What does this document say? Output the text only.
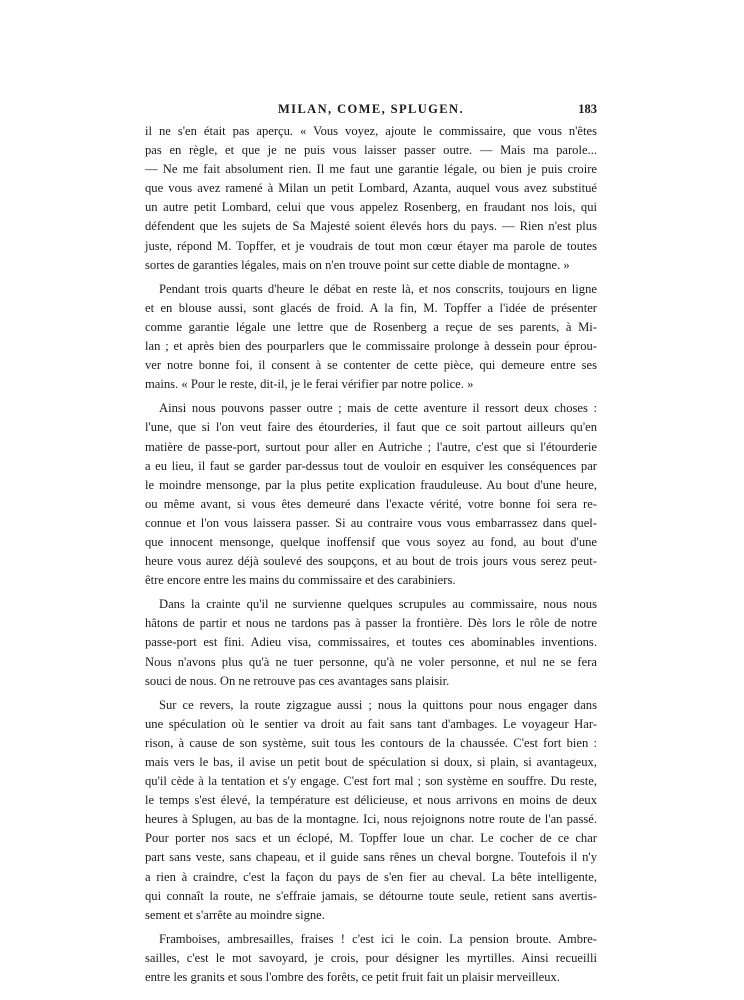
MILAN, COME, SPLUGEN.	183
il ne s'en était pas aperçu. « Vous voyez, ajoute le commissaire, que vous n'êtes
pas en règle, et que je ne puis vous laisser passer outre. — Mais ma parole...
— Ne me fait absolument rien. Il me faut une garantie légale, ou bien je puis croire
que vous avez ramené à Milan un petit Lombard, Azanta, auquel vous avez substitué
un autre petit Lombard, celui que vous appelez Rosenberg, en fraudant nos lois, qui
défendent que les sujets de Sa Majesté soient élevés hors du pays. — Rien n'est plus
juste, répond M. Topffer, et je voudrais de tout mon cœur étayer ma parole de toutes
sortes de garanties légales, mais on n'en trouve point sur cette diable de montagne. »
Pendant trois quarts d'heure le débat en reste là, et nos conscrits, toujours en ligne
et en blouse aussi, sont glacés de froid. A la fin, M. Topffer a l'idée de présenter
comme garantie légale une lettre que de Rosenberg a reçue de ses parents, à Mi-
lan ; et après bien des pourparlers que le commissaire prolonge à dessein pour éprou-
ver notre bonne foi, il consent à se contenter de cette pièce, qui demeure entre ses
mains. « Pour le reste, dit-il, je le ferai vérifier par notre police. »
Ainsi nous pouvons passer outre ; mais de cette aventure il ressort deux choses :
l'une, que si l'on veut faire des étourderies, il faut que ce soit partout ailleurs qu'en
matière de passe-port, surtout pour aller en Autriche ; l'autre, c'est que si l'étourderie
a eu lieu, il faut se garder par-dessus tout de vouloir en esquiver les conséquences par
le moindre mensonge, par la plus petite explication frauduleuse. Au bout d'une heure,
ou même avant, si vous êtes demeuré dans l'exacte vérité, votre bonne foi sera re-
connue et l'on vous laissera passer. Si au contraire vous vous embarrassez dans quel-
que innocent mensonge, quelque inoffensif que vous soyez au fond, au bout d'une
heure vous aurez déjà soulevé des soupçons, et au bout de trois jours vous serez peut-
être encore entre les mains du commissaire et des carabiniers.
Dans la crainte qu'il ne survienne quelques scrupules au commissaire, nous nous
hâtons de partir et nous ne tardons pas à passer la frontière. Dès lors le rôle de notre
passe-port est fini. Adieu visa, commissaires, et toutes ces abominables inventions.
Nous n'avons plus qu'à ne tuer personne, qu'à ne voler personne, et nul ne se fera
souci de nous. On ne retrouve pas ces avantages sans plaisir.
Sur ce revers, la route zigzague aussi ; nous la quittons pour nous engager dans
une spéculation où le sentier va droit au fait sans tant d'ambages. Le voyageur Har-
rison, à cause de son système, suit tous les contours de la chaussée. C'est fort bien :
mais vers le bas, il avise un petit bout de spéculation si doux, si plain, si avantageux,
qu'il cède à la tentation et s'y engage. C'est fort mal ; son système en souffre. Du reste,
le temps s'est élevé, la température est délicieuse, et nous arrivons en moins de deux
heures à Splugen, au bas de la montagne. Ici, nous rejoignons notre route de l'an passé.
Pour porter nos sacs et un éclopé, M. Topffer loue un char. Le cocher de ce char
part sans veste, sans chapeau, et il guide sans rênes un cheval borgne. Toutefois il n'y
a rien à craindre, c'est la façon du pays de s'en fier au cheval. La bête intelligente,
qui connaît la route, ne s'effraie jamais, se détourne toute seule, retient sans avertis-
sement et s'arrête au moindre signe.
Framboises, ambresailles, fraises ! c'est ici le coin. La pension broute. Ambre-
sailles, c'est le mot savoyard, je crois, pour désigner les myrtilles. Ainsi recueilli
entre les granits et sous l'ombre des forêts, ce petit fruit fait un plaisir merveilleux.
